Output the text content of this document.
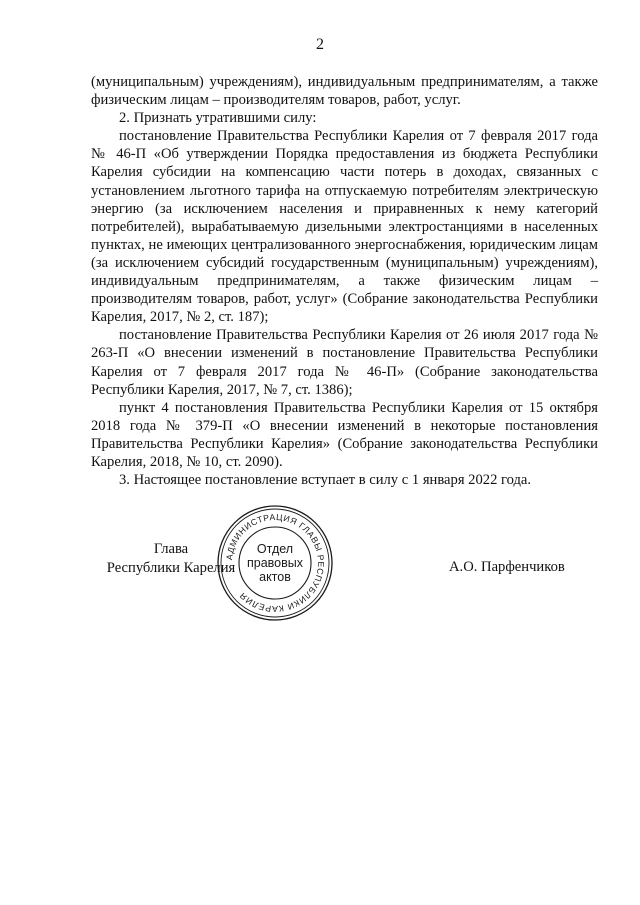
2

(муниципальным) учреждениям), индивидуальным предпринимателям, а также физическим лицам – производителям товаров, работ, услуг.

2. Признать утратившими силу:

постановление Правительства Республики Карелия от 7 февраля 2017 года № 46-П «Об утверждении Порядка предоставления из бюджета Республики Карелия субсидии на компенсацию части потерь в доходах, связанных с установлением льготного тарифа на отпускаемую потребителям электрическую энергию (за исключением населения и приравненных к нему категорий потребителей), вырабатываемую дизельными электростанциями в населенных пунктах, не имеющих централизованного энергоснабжения, юридическим лицам (за исключением субсидий государственным (муниципальным) учреждениям), индивидуальным предпринимателям, а также физическим лицам – производителям товаров, работ, услуг» (Собрание законодательства Республики Карелия, 2017, № 2, ст. 187);

постановление Правительства Республики Карелия от 26 июля 2017 года № 263-П «О внесении изменений в постановление Правительства Республики Карелия от 7 февраля 2017 года № 46-П» (Собрание законодательства Республики Карелия, 2017, № 7, ст. 1386);

пункт 4 постановления Правительства Республики Карелия от 15 октября 2018 года № 379-П «О внесении изменений в некоторые постановления Правительства Республики Карелия» (Собрание законодательства Республики Карелия, 2018, № 10, ст. 2090).

3. Настоящее постановление вступает в силу с 1 января 2022 года.

Глава
Республики Карелия	А.О. Парфенчиков
АДМИНИСТРАЦИЯ ГЛАВЫ РЕСПУБЛИКИ КАРЕЛИЯ
Отдел
правовых
актов
